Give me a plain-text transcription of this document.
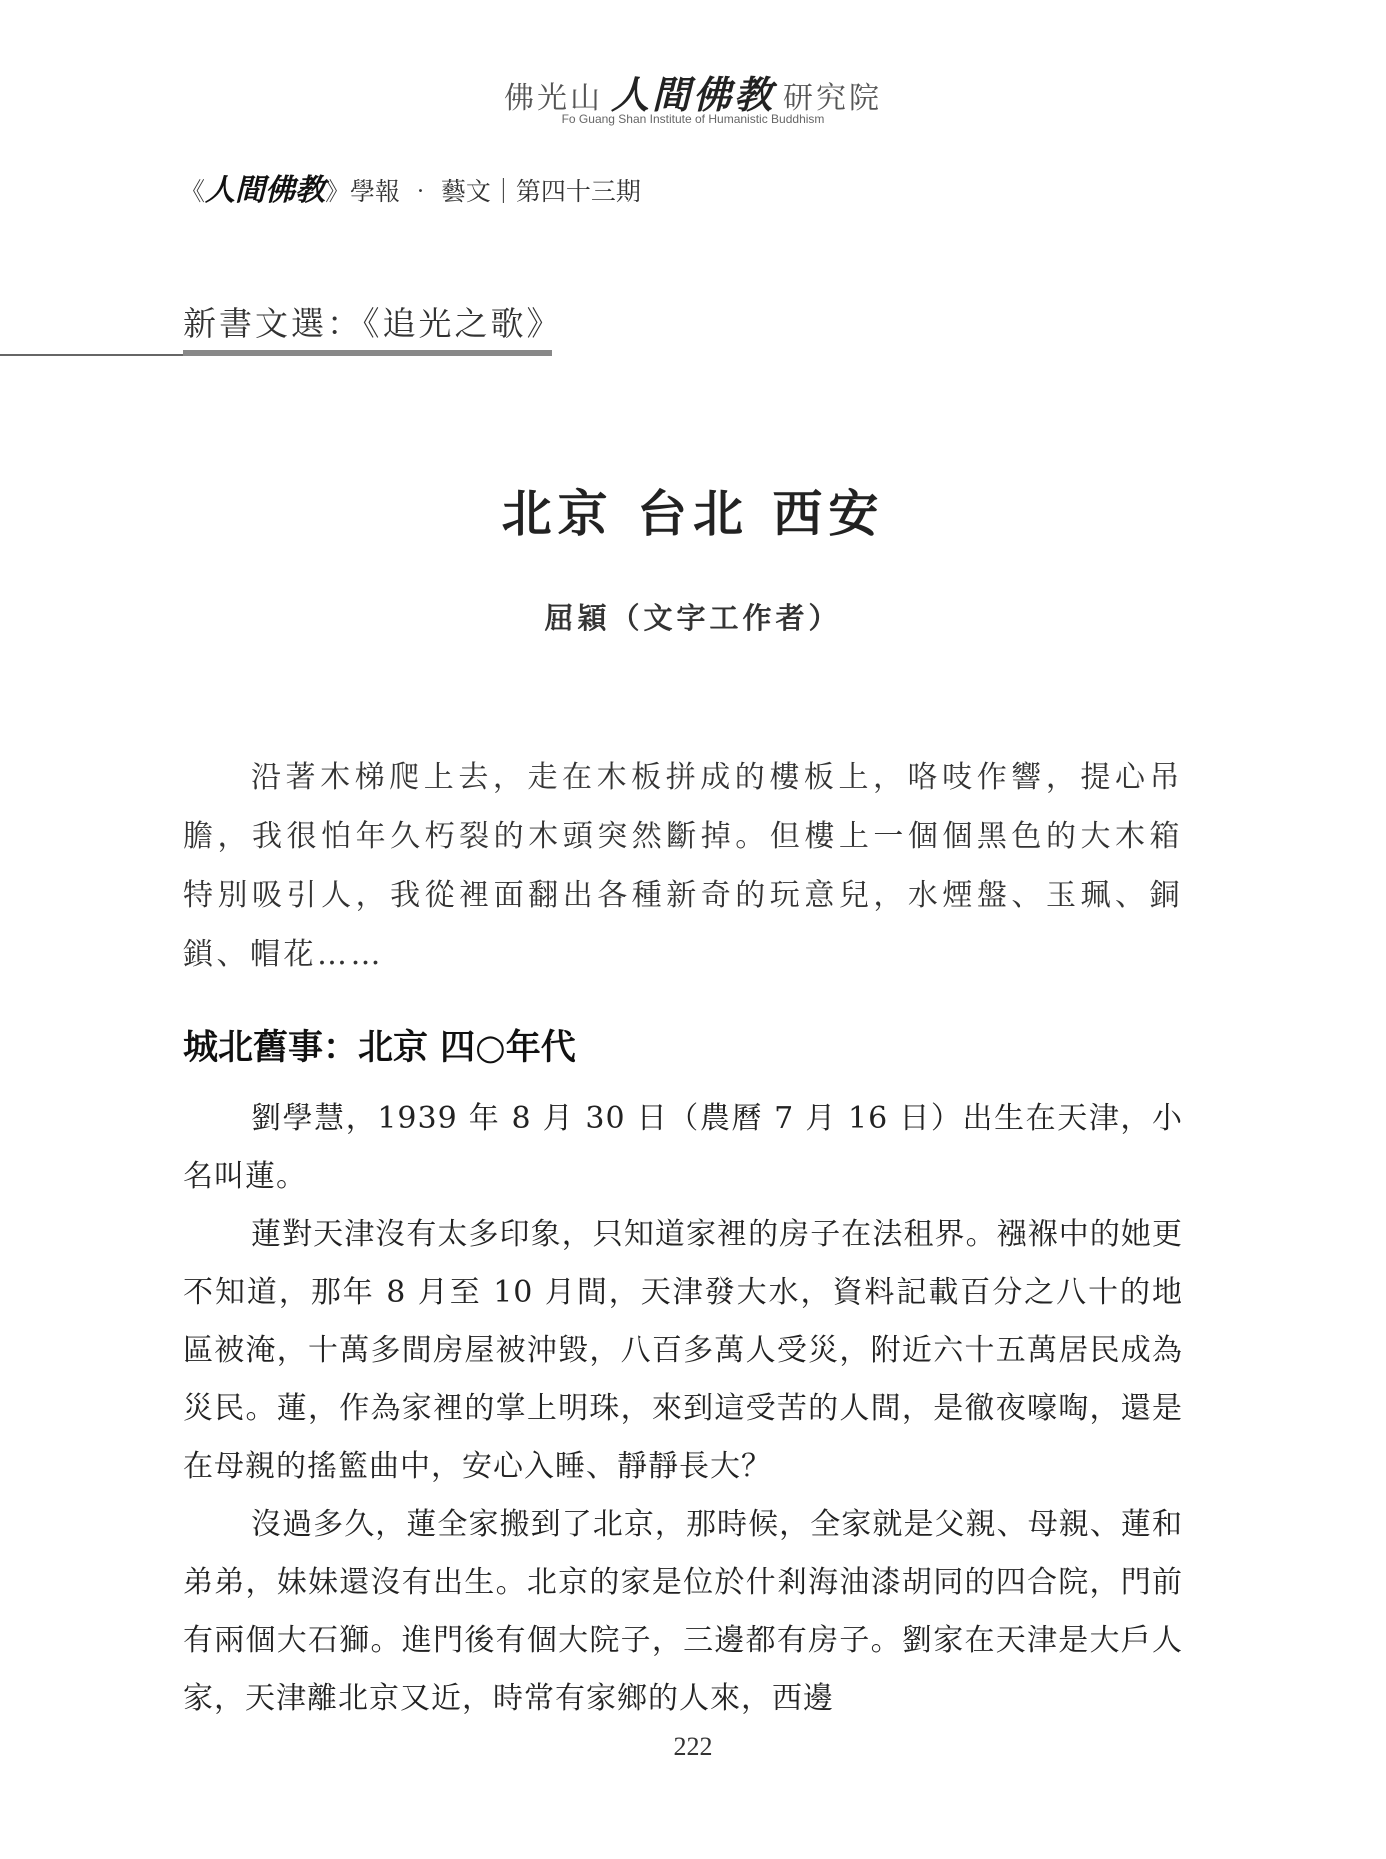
佛光山 人間佛教 研究院
Fo Guang Shan Institute of Humanistic Buddhism
《人間佛教》學報 ‧ 藝文｜第四十三期
新書文選：《追光之歌》
北京 台北 西安
屈穎（文字工作者）

沿著木梯爬上去，走在木板拼成的樓板上，咯吱作響，提心吊膽，我很怕年久朽裂的木頭突然斷掉。但樓上一個個黑色的大木箱特別吸引人，我從裡面翻出各種新奇的玩意兒，水煙盤、玉珮、銅鎖、帽花……

城北舊事：北京 四○年代

劉學慧，1939 年 8 月 30 日（農曆 7 月 16 日）出生在天津，小名叫蓮。

蓮對天津沒有太多印象，只知道家裡的房子在法租界。襁褓中的她更不知道，那年 8 月至 10 月間，天津發大水，資料記載百分之八十的地區被淹，十萬多間房屋被沖毀，八百多萬人受災，附近六十五萬居民成為災民。蓮，作為家裡的掌上明珠，來到這受苦的人間，是徹夜嚎啕，還是在母親的搖籃曲中，安心入睡、靜靜長大？

沒過多久，蓮全家搬到了北京，那時候，全家就是父親、母親、蓮和弟弟，妹妹還沒有出生。北京的家是位於什剎海油漆胡同的四合院，門前有兩個大石獅。進門後有個大院子，三邊都有房子。劉家在天津是大戶人家，天津離北京又近，時常有家鄉的人來，西邊

222
